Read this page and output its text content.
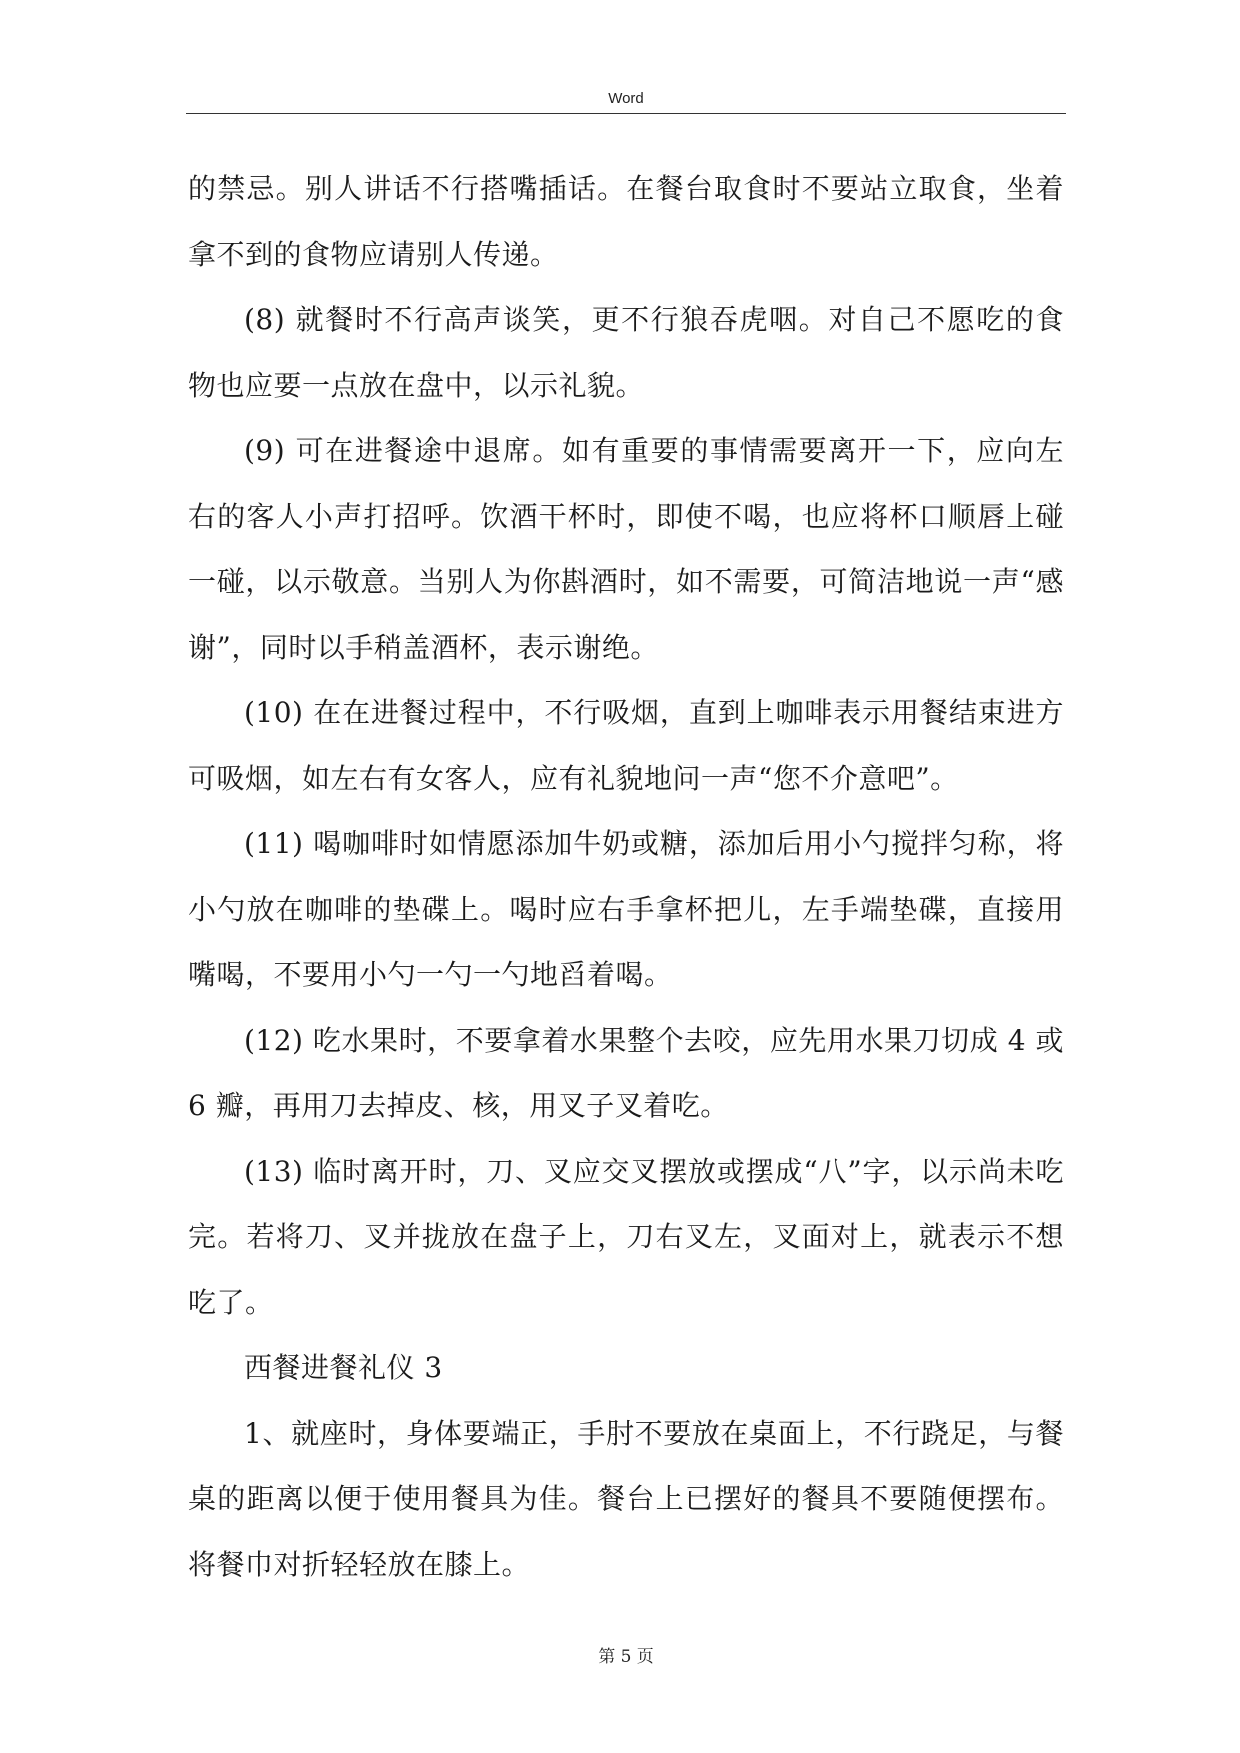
Word

的禁忌。别人讲话不行搭嘴插话。在餐台取食时不要站立取食，坐着拿不到的食物应请别人传递。

(8) 就餐时不行高声谈笑，更不行狼吞虎咽。对自己不愿吃的食物也应要一点放在盘中，以示礼貌。

(9) 可在进餐途中退席。如有重要的事情需要离开一下，应向左右的客人小声打招呼。饮酒干杯时，即使不喝，也应将杯口顺唇上碰一碰，以示敬意。当别人为你斟酒时，如不需要，可简洁地说一声“感谢”，同时以手稍盖酒杯，表示谢绝。

(10) 在在进餐过程中，不行吸烟，直到上咖啡表示用餐结束进方可吸烟，如左右有女客人，应有礼貌地问一声“您不介意吧”。

(11) 喝咖啡时如情愿添加牛奶或糖，添加后用小勺搅拌匀称，将小勺放在咖啡的垫碟上。喝时应右手拿杯把儿，左手端垫碟，直接用嘴喝，不要用小勺一勺一勺地舀着喝。

(12) 吃水果时，不要拿着水果整个去咬，应先用水果刀切成 4 或 6 瓣，再用刀去掉皮、核，用叉子叉着吃。

(13) 临时离开时，刀、叉应交叉摆放或摆成“八”字，以示尚未吃完。若将刀、叉并拢放在盘子上，刀右叉左，叉面对上，就表示不想吃了。

西餐进餐礼仪 3

1、就座时，身体要端正，手肘不要放在桌面上，不行跷足，与餐桌的距离以便于使用餐具为佳。餐台上已摆好的餐具不要随便摆布。将餐巾对折轻轻放在膝上。

第 5 页
